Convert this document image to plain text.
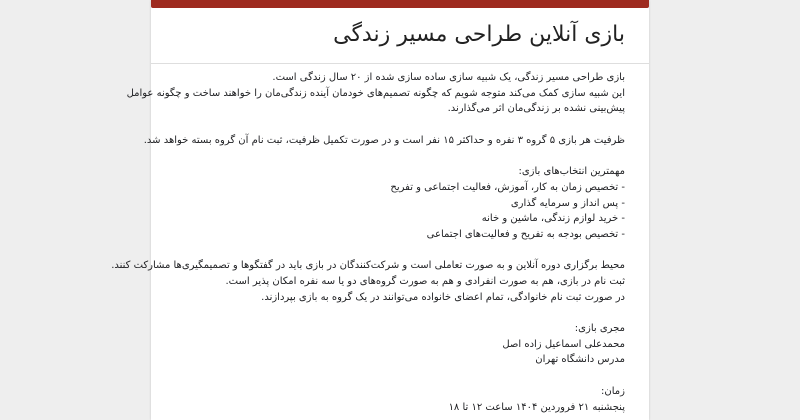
بازی آنلاین طراحی مسیر زندگی
بازی طراحی مسیر زندگی، یک شبیه سازی ساده سازی شده از ۲۰ سال زندگی است.
این شبیه سازی کمک می‌کند متوجه شویم که چگونه تصمیم‌های خودمان آینده زندگی‌مان را خواهند ساخت و چگونه عوامل
پیش‌بینی نشده بر زندگی‌مان اثر می‌گذارند.
ظرفیت هر بازی ۵ گروه ۳ نفره و حداکثر ۱۵ نفر است و در صورت تکمیل ظرفیت، ثبت نام آن گروه بسته خواهد شد.
مهمترین انتخاب‌های بازی:
- تخصیص زمان به کار، آموزش، فعالیت اجتماعی و تفریح
- پس انداز و سرمایه گذاری
- خرید لوازم زندگی، ماشین و خانه
- تخصیص بودجه به تفریح و فعالیت‌های اجتماعی
محیط برگزاری دوره آنلاین و به صورت تعاملی است و شرکت‌کنندگان در بازی باید در گفتگوها و تصمیمگیری‌ها مشارکت کنند.
ثبت نام در بازی، هم به صورت انفرادی و هم به صورت گروه‌های دو یا سه نفره امکان پذیر است.
در صورت ثبت نام خانوادگی، تمام اعضای خانواده می‌توانند در یک گروه به بازی بپردازند.
مجری بازی:
محمدعلی اسماعیل زاده اصل
مدرس دانشگاه تهران
زمان:
پنجشنبه ۲۱ فروردین ۱۴۰۴ ساعت ۱۲ تا ۱۸
